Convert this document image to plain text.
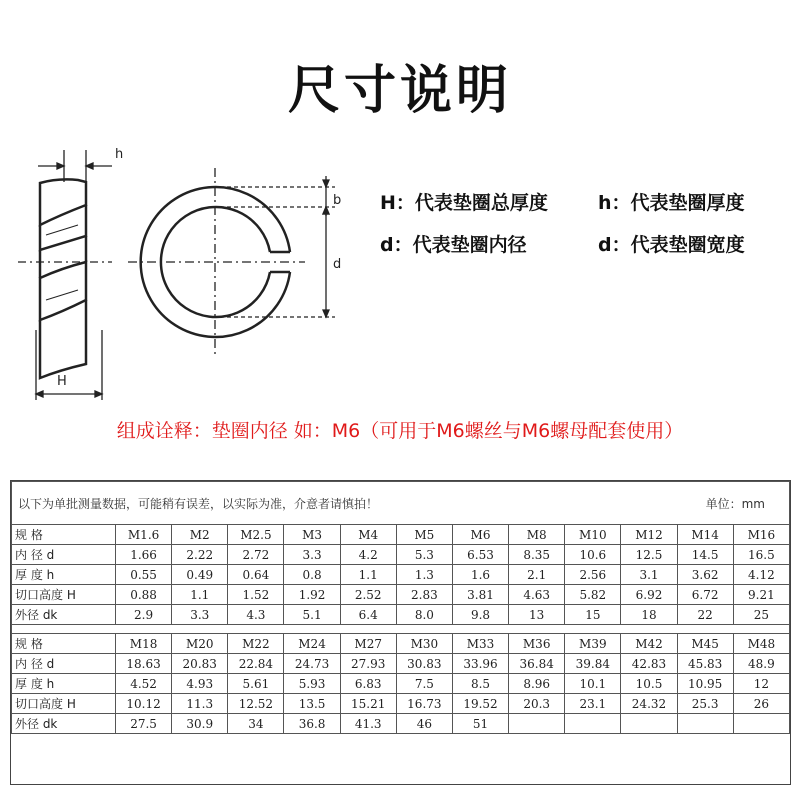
尺寸说明
h
H
b
d
H：代表垫圈总厚度	h：代表垫圈厚度
d：代表垫圈内径	d：代表垫圈宽度
组成诠释：垫圈内径 如：M6（可用于M6螺丝与M6螺母配套使用）
以下为单批测量数据，可能稍有误差，以实际为准，介意者请慎拍！ 单位：mm												

规 格	M1.6	M2	M2.5	M3	M4	M5	M6	M8	M10	M12	M14	M16
内 径 d	1.66	2.22	2.72	3.3	4.2	5.3	6.53	8.35	10.6	12.5	14.5	16.5
厚 度 h	0.55	0.49	0.64	0.8	1.1	1.3	1.6	2.1	2.56	3.1	3.62	4.12
切口高度 H	0.88	1.1	1.52	1.92	2.52	2.83	3.81	4.63	5.82	6.92	6.72	9.21
外径 dk	2.9	3.3	4.3	5.1	6.4	8.0	9.8	13	15	18	22	25

规 格	M18	M20	M22	M24	M27	M30	M33	M36	M39	M42	M45	M48
内 径 d	18.63	20.83	22.84	24.73	27.93	30.83	33.96	36.84	39.84	42.83	45.83	48.9
厚 度 h	4.52	4.93	5.61	5.93	6.83	7.5	8.5	8.96	10.1	10.5	10.95	12
切口高度 H	10.12	11.3	12.52	13.5	15.21	16.73	19.52	20.3	23.1	24.32	25.3	26
外径 dk	27.5	30.9	34	36.8	41.3	46	51					
